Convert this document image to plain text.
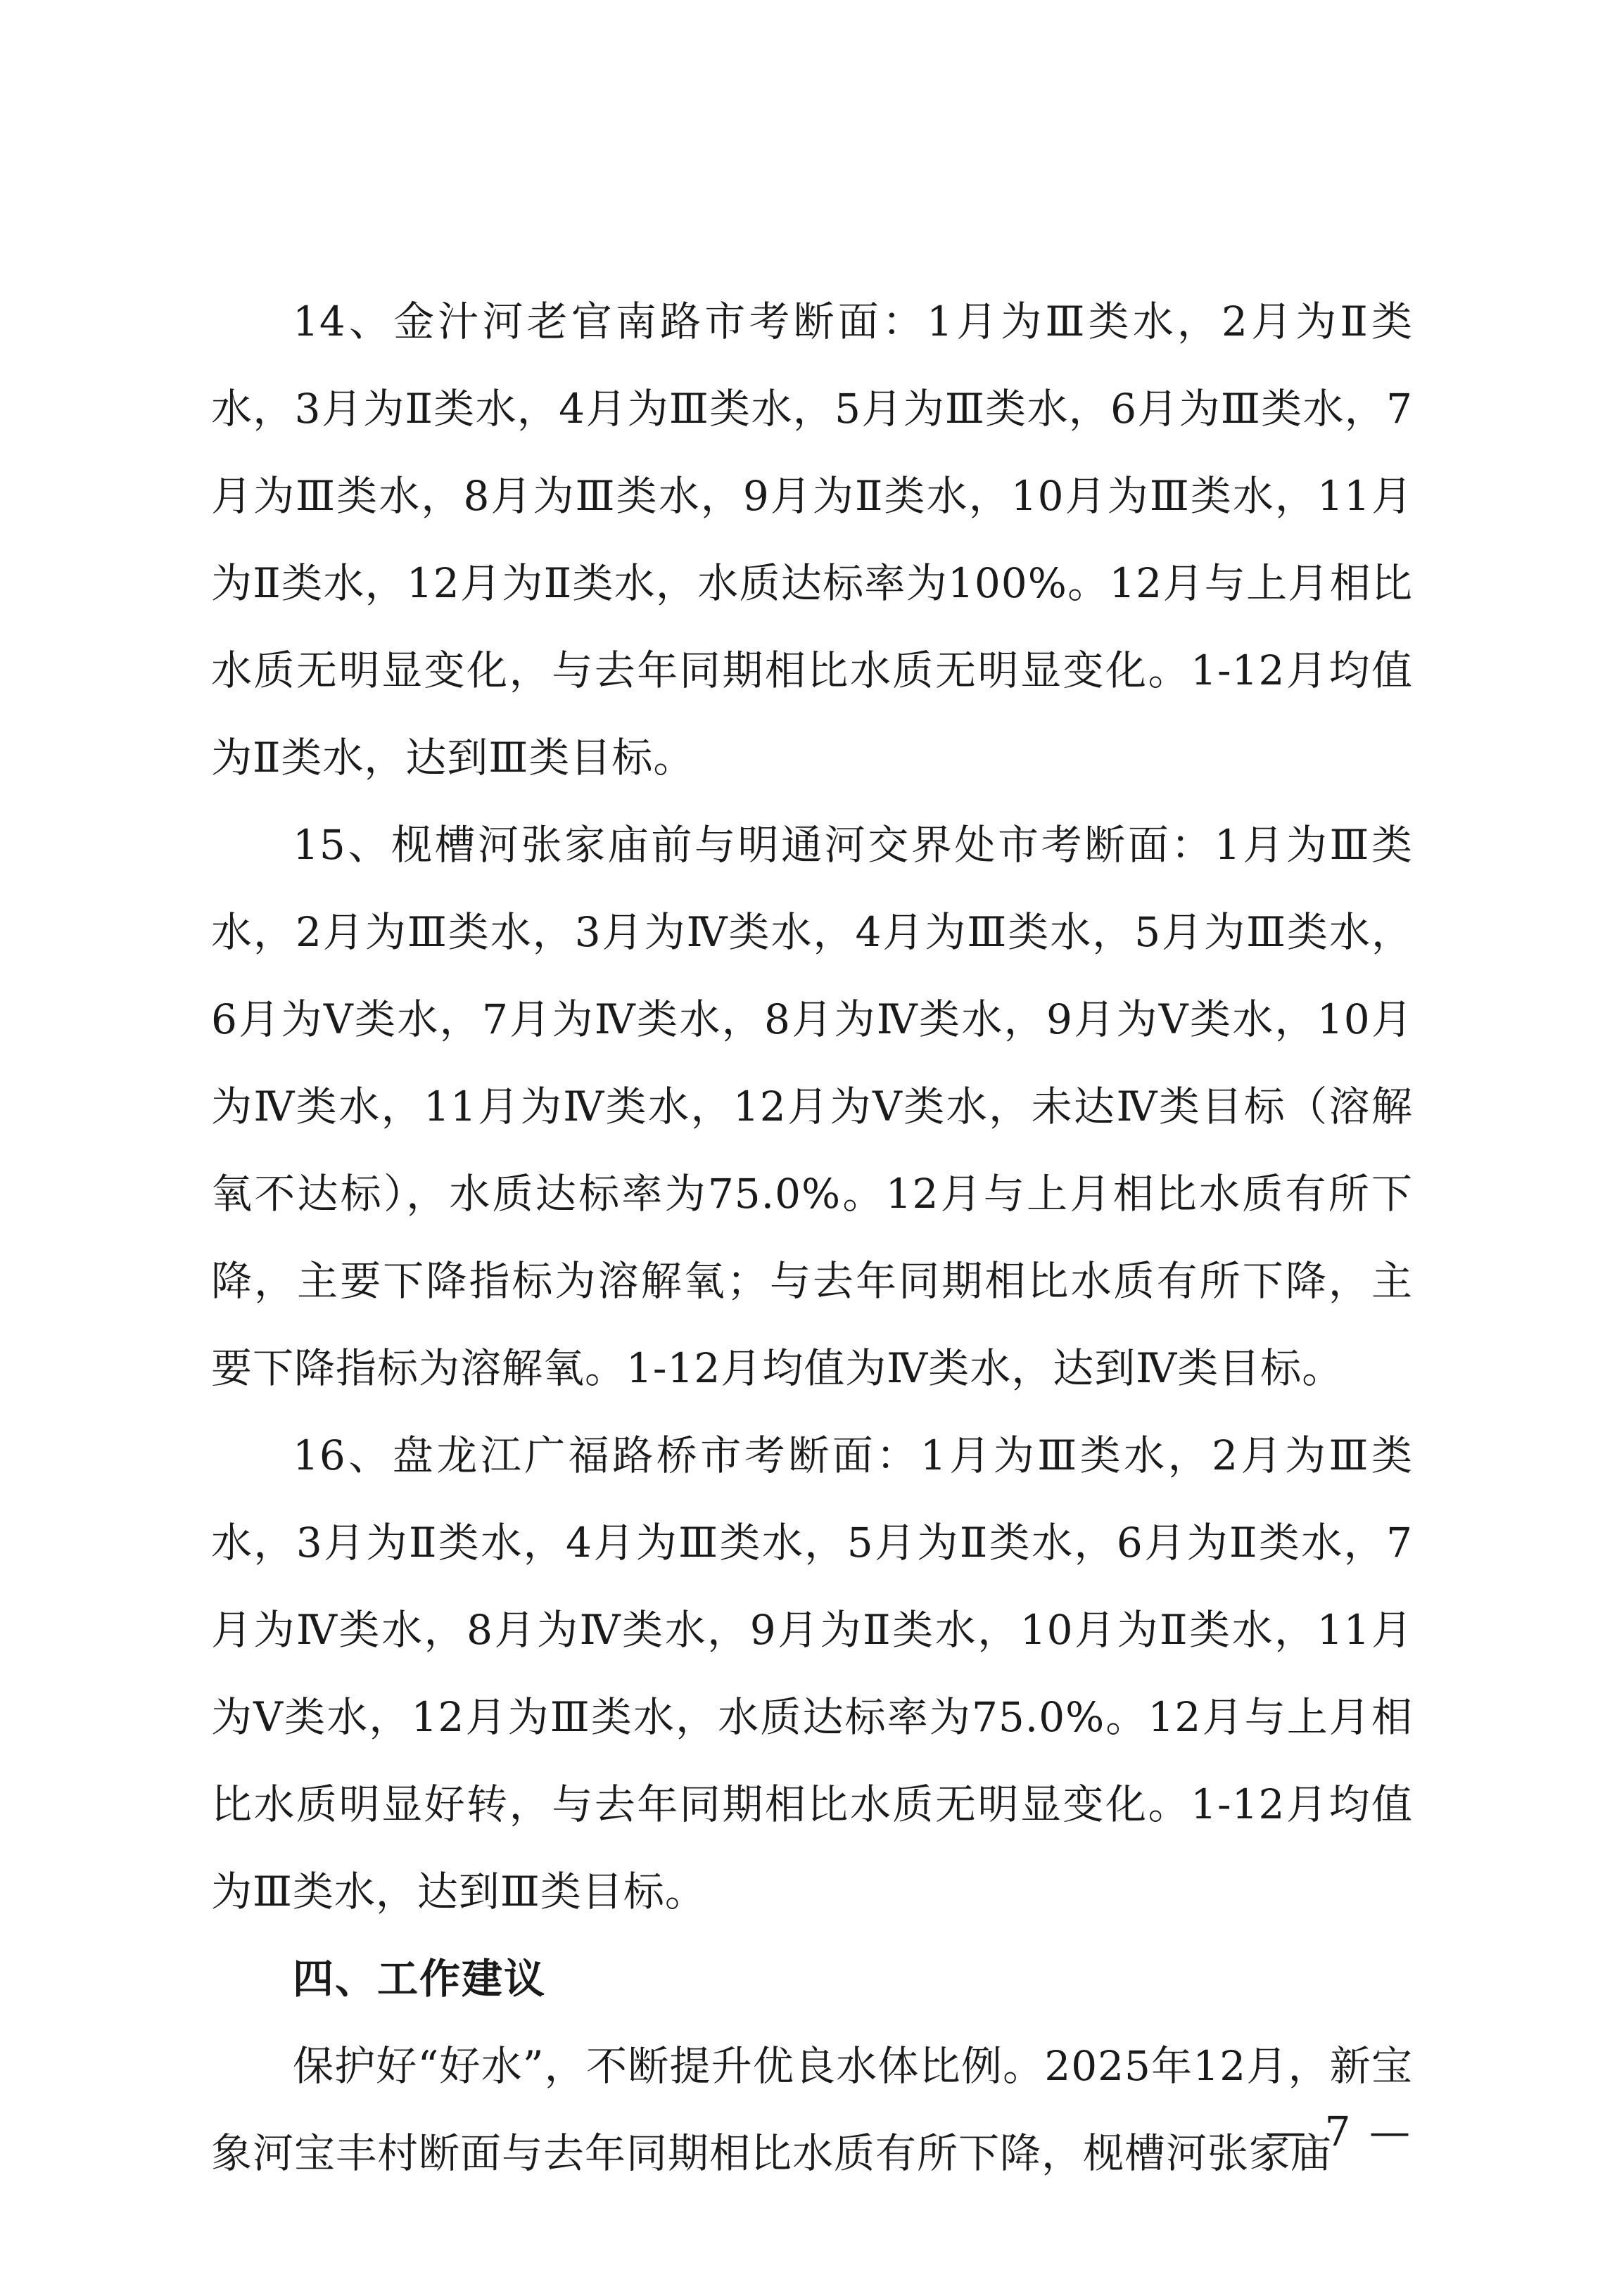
14、金汁河老官南路市考断面：1月为Ⅲ类水，2月为Ⅱ类水，3月为Ⅱ类水，4月为Ⅲ类水，5月为Ⅲ类水，6月为Ⅲ类水，7月为Ⅲ类水，8月为Ⅲ类水，9月为Ⅱ类水，10月为Ⅲ类水，11月为Ⅱ类水，12月为Ⅱ类水，水质达标率为100%。12月与上月相比水质无明显变化，与去年同期相比水质无明显变化。1-12月均值为Ⅱ类水，达到Ⅲ类目标。

15、枧槽河张家庙前与明通河交界处市考断面：1月为Ⅲ类水，2月为Ⅲ类水，3月为Ⅳ类水，4月为Ⅲ类水，5月为Ⅲ类水，6月为Ⅴ类水，7月为Ⅳ类水，8月为Ⅳ类水，9月为Ⅴ类水，10月为Ⅳ类水，11月为Ⅳ类水，12月为Ⅴ类水，未达Ⅳ类目标（溶解氧不达标），水质达标率为75.0%。12月与上月相比水质有所下降，主要下降指标为溶解氧；与去年同期相比水质有所下降，主要下降指标为溶解氧。1-12月均值为Ⅳ类水，达到Ⅳ类目标。

16、盘龙江广福路桥市考断面：1月为Ⅲ类水，2月为Ⅲ类水，3月为Ⅱ类水，4月为Ⅲ类水，5月为Ⅱ类水，6月为Ⅱ类水，7月为Ⅳ类水，8月为Ⅳ类水，9月为Ⅱ类水，10月为Ⅱ类水，11月为Ⅴ类水，12月为Ⅲ类水，水质达标率为75.0%。12月与上月相比水质明显好转，与去年同期相比水质无明显变化。1-12月均值为Ⅲ类水，达到Ⅲ类目标。

四、工作建议

保护好“好水”，不断提升优良水体比例。2025年12月，新宝象河宝丰村断面与去年同期相比水质有所下降，枧槽河张家庙

— 7 —
